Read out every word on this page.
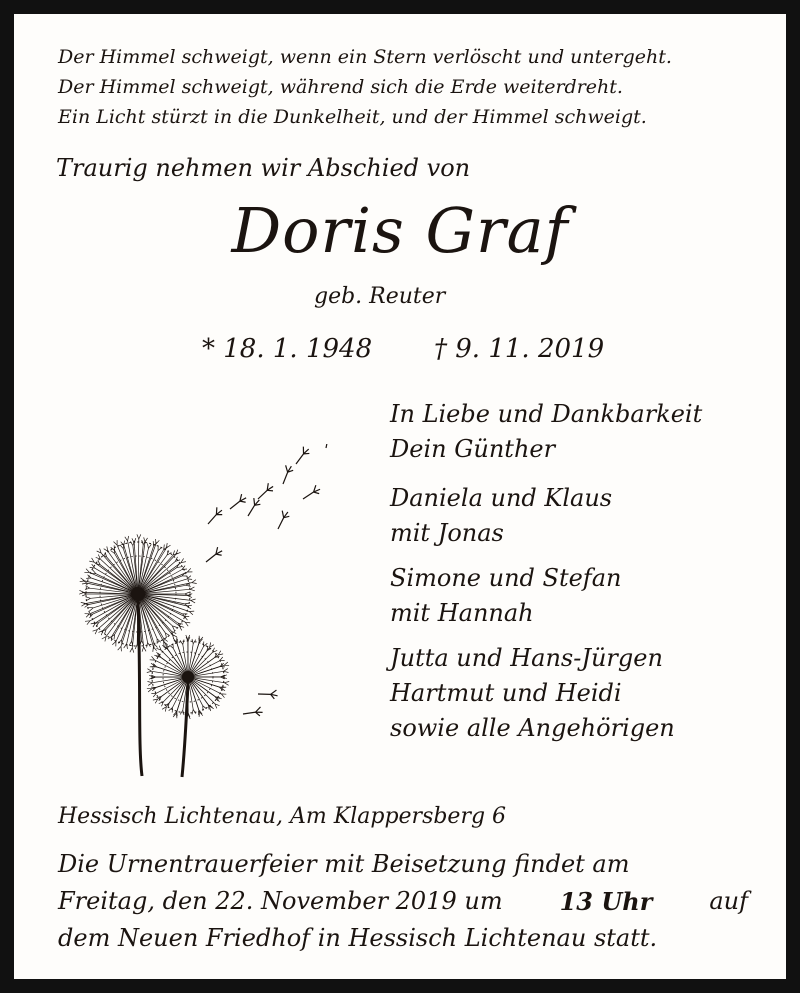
Der Himmel schweigt, wenn ein Stern verlöscht und untergeht.
Der Himmel schweigt, während sich die Erde weiterdreht.
Ein Licht stürzt in die Dunkelheit, und der Himmel schweigt.
Traurig nehmen wir Abschied von
Doris Graf
geb. Reuter
* 18. 1. 1948 † 9. 11. 2019
In Liebe und Dankbarkeit
Dein Günther
Daniela und Klaus
mit Jonas
Simone und Stefan
mit Hannah
Jutta und Hans-Jürgen
Hartmut und Heidi
sowie alle Angehörigen
Hessisch Lichtenau, Am Klappersberg 6
Die Urnentrauerfeier mit Beisetzung findet am
Freitag, den 22. November 2019 um 13 Uhr auf
dem Neuen Friedhof in Hessisch Lichtenau statt.
